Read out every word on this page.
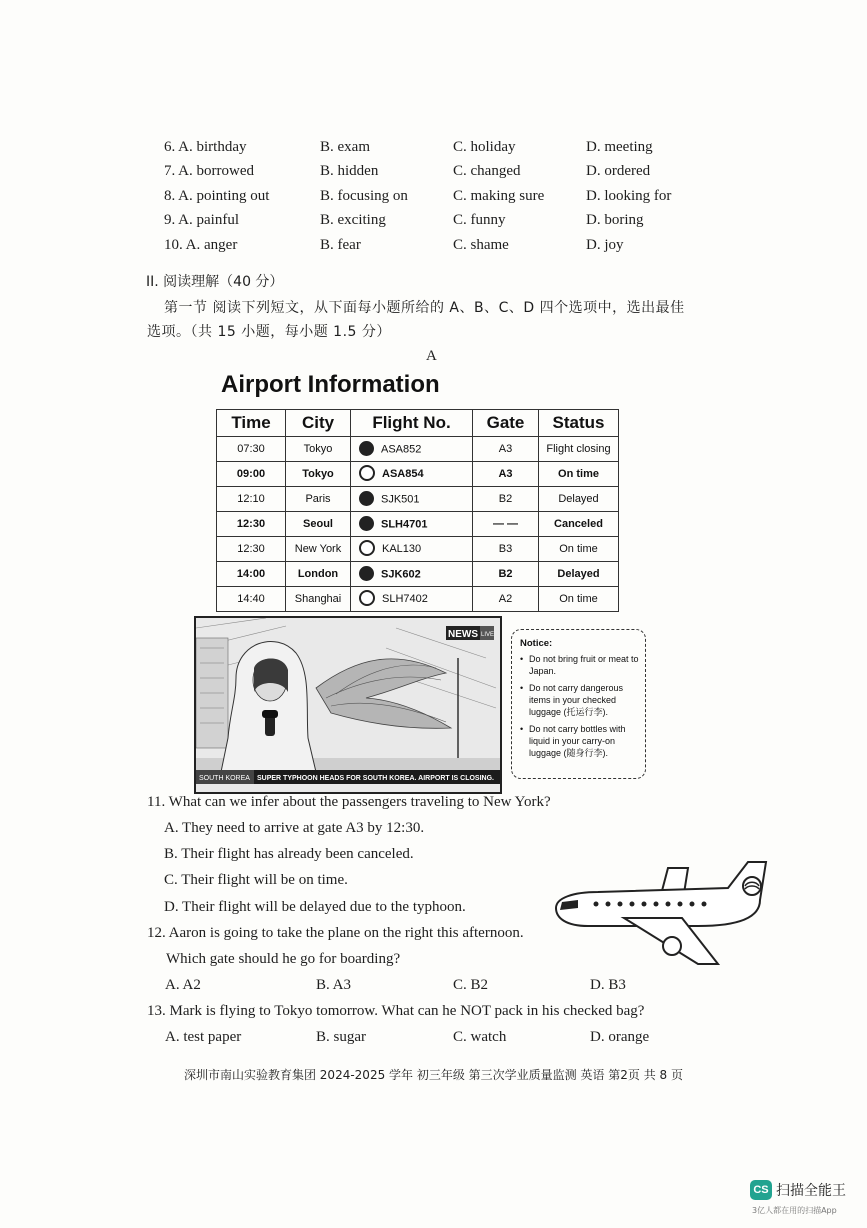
6. A. birthday	B. exam	C. holiday	D. meeting
7. A. borrowed	B. hidden	C. changed	D. ordered
8. A. pointing out	B. focusing on	C. making sure	D. looking for
9. A. painful	B. exciting	C. funny	D. boring
10. A. anger	B. fear	C. shame	D. joy
II. 阅读理解（40 分）
第一节 阅读下列短文，从下面每小题所给的 A、B、C、D 四个选项中，选出最佳
选项。（共 15 小题，每小题 1.5 分）
A
Airport Information
Time	City	Flight No.	Gate	Status
07:30	Tokyo	ASA852	A3	Flight closing
09:00	Tokyo	ASA854	A3	On time
12:10	Paris	SJK501	B2	Delayed
12:30	Seoul	SLH4701	— —	Canceled
12:30	New York	KAL130	B3	On time
14:00	London	SJK602	B2	Delayed
14:40	Shanghai	SLH7402	A2	On time
NEWS LIVE
SOUTH KOREA SUPER TYPHOON HEADS FOR SOUTH KOREA. AIRPORT IS CLOSING.
Notice:
• Do not bring fruit or meat to Japan.
• Do not carry dangerous items in your checked luggage (托运行李).
• Do not carry bottles with liquid in your carry-on luggage (随身行李).
11. What can we infer about the passengers traveling to New York?
A. They need to arrive at gate A3 by 12:30.
B. Their flight has already been canceled.
C. Their flight will be on time.
D. Their flight will be delayed due to the typhoon.
12. Aaron is going to take the plane on the right this afternoon.
Which gate should he go for boarding?
A. A2	B. A3	C. B2	D. B3
13. Mark is flying to Tokyo tomorrow. What can he NOT pack in his checked bag?
A. test paper	B. sugar	C. watch	D. orange
深圳市南山实验教育集团 2024-2025 学年 初三年级 第三次学业质量监测 英语 第2页 共 8 页
CS 扫描全能王
3亿人都在用的扫描App
